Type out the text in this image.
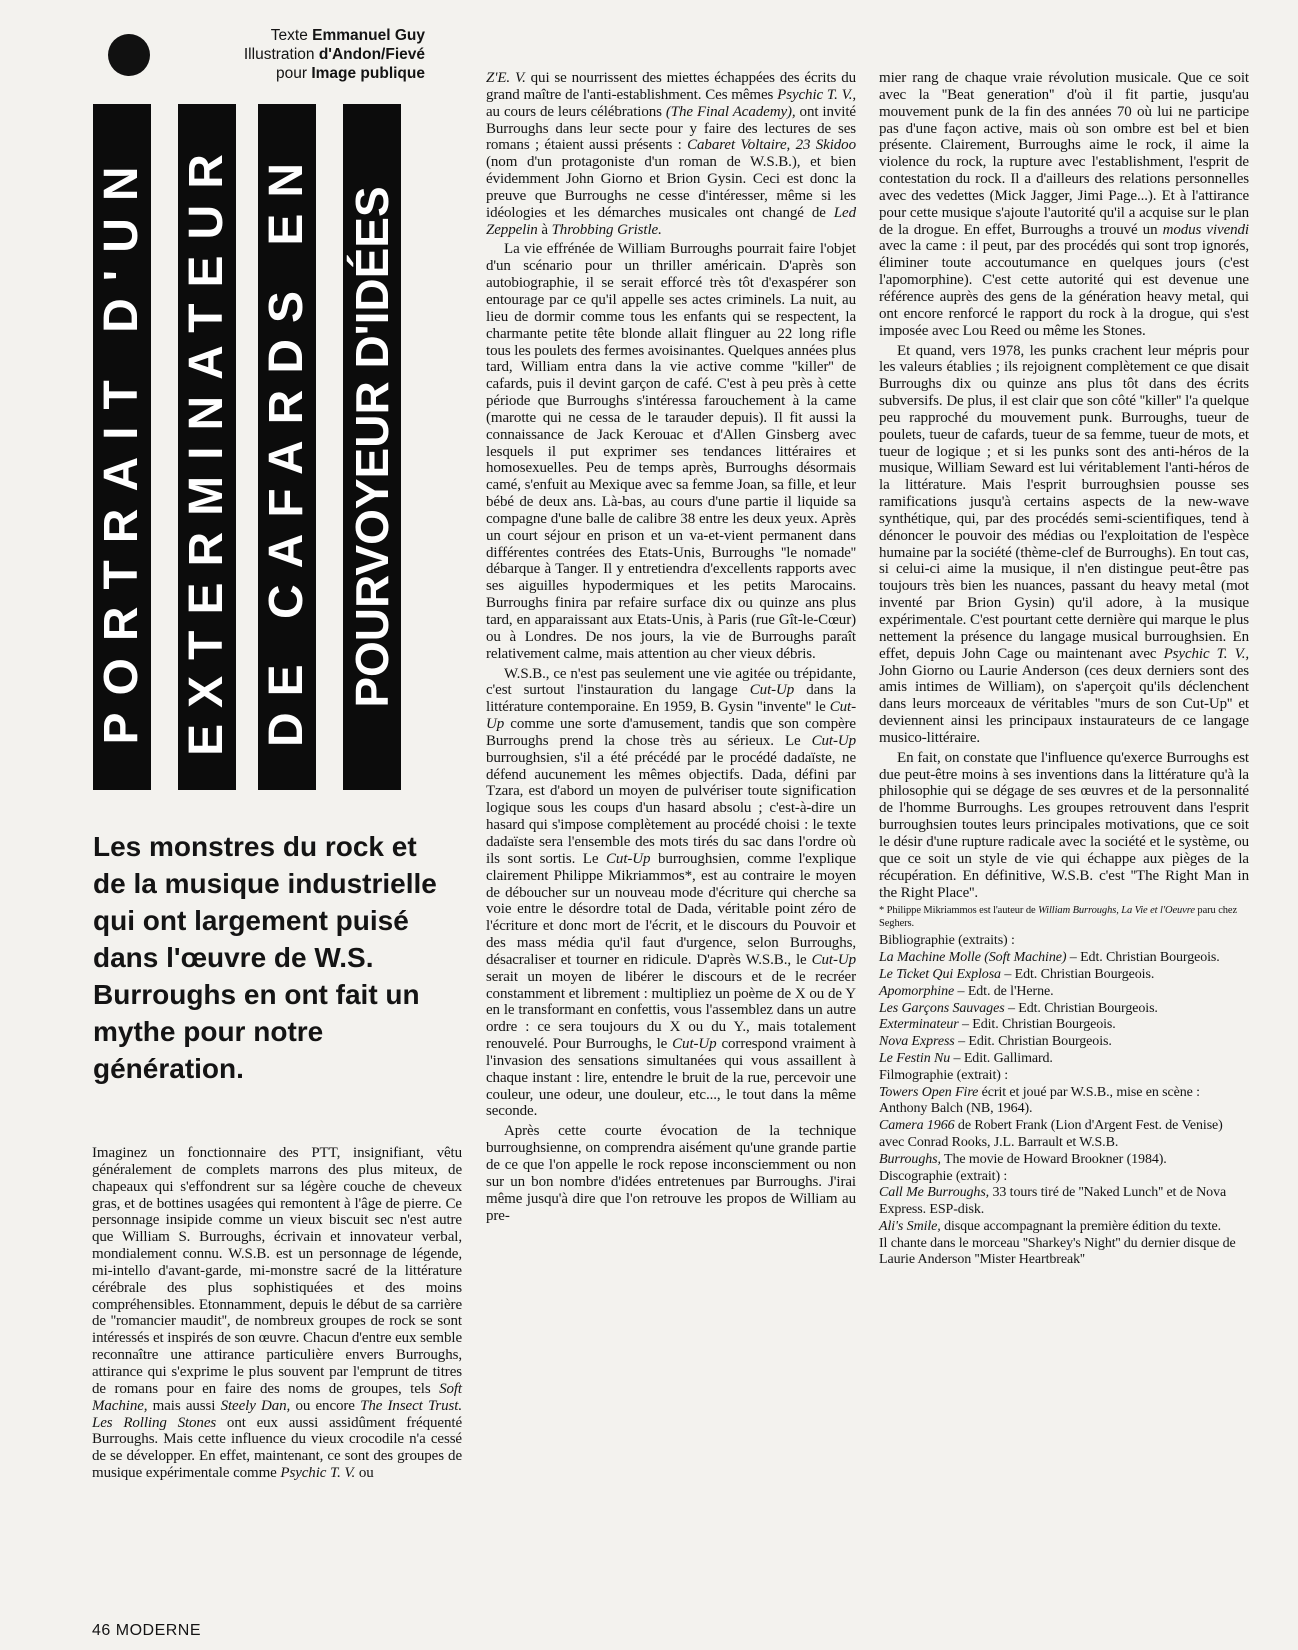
Texte Emmanuel Guy
Illustration d'Andon/Fievé
pour Image publique
PORTRAIT D'UN EXTERMINATEUR DE CAFARDS EN POURVOYEUR D'IDÉES

Les monstres du rock et de la musique industrielle qui ont largement puisé dans l'œuvre de W.S. Burroughs en ont fait un mythe pour notre génération.

Imaginez un fonctionnaire des PTT, insignifiant, vêtu généralement de complets marrons des plus miteux, de chapeaux qui s'effondrent sur sa légère couche de cheveux gras, et de bottines usagées qui remontent à l'âge de pierre. Ce personnage insipide comme un vieux biscuit sec n'est autre que William S. Burroughs, écrivain et innovateur verbal, mondialement connu. W.S.B. est un personnage de légende, mi-intello d'avant-garde, mi-monstre sacré de la littérature cérébrale des plus sophistiquées et des moins compréhensibles. Etonnamment, depuis le début de sa carrière de ''romancier maudit'', de nombreux groupes de rock se sont intéressés et inspirés de son œuvre. Chacun d'entre eux semble reconnaître une attirance particulière envers Burroughs, attirance qui s'exprime le plus souvent par l'emprunt de titres de romans pour en faire des noms de groupes, tels Soft Machine, mais aussi Steely Dan, ou encore The Insect Trust. Les Rolling Stones ont eux aussi assidûment fréquenté Burroughs. Mais cette influence du vieux crocodile n'a cessé de se développer. En effet, maintenant, ce sont des groupes de musique expérimentale comme Psychic T. V. ou

Z'E. V. qui se nourrissent des miettes échappées des écrits du grand maître de l'anti-establishment. Ces mêmes Psychic T. V., au cours de leurs célébrations (The Final Academy), ont invité Burroughs dans leur secte pour y faire des lectures de ses romans ; étaient aussi présents : Cabaret Voltaire, 23 Skidoo (nom d'un protagoniste d'un roman de W.S.B.), et bien évidemment John Giorno et Brion Gysin. Ceci est donc la preuve que Burroughs ne cesse d'intéresser, même si les idéologies et les démarches musicales ont changé de Led Zeppelin à Throbbing Gristle.

La vie effrénée de William Burroughs pourrait faire l'objet d'un scénario pour un thriller américain. D'après son autobiographie, il se serait efforcé très tôt d'exaspérer son entourage par ce qu'il appelle ses actes criminels. La nuit, au lieu de dormir comme tous les enfants qui se respectent, la charmante petite tête blonde allait flinguer au 22 long rifle tous les poulets des fermes avoisinantes. Quelques années plus tard, William entra dans la vie active comme ''killer'' de cafards, puis il devint garçon de café. C'est à peu près à cette période que Burroughs s'intéressa farouchement à la came (marotte qui ne cessa de le tarauder depuis). Il fit aussi la connaissance de Jack Kerouac et d'Allen Ginsberg avec lesquels il put exprimer ses tendances littéraires et homosexuelles. Peu de temps après, Burroughs désormais camé, s'enfuit au Mexique avec sa femme Joan, sa fille, et leur bébé de deux ans. Là-bas, au cours d'une partie il liquide sa compagne d'une balle de calibre 38 entre les deux yeux. Après un court séjour en prison et un va-et-vient permanent dans différentes contrées des Etats-Unis, Burroughs ''le nomade'' débarque à Tanger. Il y entretiendra d'excellents rapports avec ses aiguilles hypodermiques et les petits Marocains. Burroughs finira par refaire surface dix ou quinze ans plus tard, en apparaissant aux Etats-Unis, à Paris (rue Gît-le-Cœur) ou à Londres. De nos jours, la vie de Burroughs paraît relativement calme, mais attention au cher vieux débris.

W.S.B., ce n'est pas seulement une vie agitée ou trépidante, c'est surtout l'instauration du langage Cut-Up dans la littérature contemporaine. En 1959, B. Gysin ''invente'' le Cut-Up comme une sorte d'amusement, tandis que son compère Burroughs prend la chose très au sérieux. Le Cut-Up burroughsien, s'il a été précédé par le procédé dadaïste, ne défend aucunement les mêmes objectifs. Dada, défini par Tzara, est d'abord un moyen de pulvériser toute signification logique sous les coups d'un hasard absolu ; c'est-à-dire un hasard qui s'impose complètement au procédé choisi : le texte dadaïste sera l'ensemble des mots tirés du sac dans l'ordre où ils sont sortis. Le Cut-Up burroughsien, comme l'explique clairement Philippe Mikriammos*, est au contraire le moyen de déboucher sur un nouveau mode d'écriture qui cherche sa voie entre le désordre total de Dada, véritable point zéro de l'écriture et donc mort de l'écrit, et le discours du Pouvoir et des mass média qu'il faut d'urgence, selon Burroughs, désacraliser et tourner en ridicule. D'après W.S.B., le Cut-Up serait un moyen de libérer le discours et de le recréer constamment et librement : multipliez un poème de X ou de Y en le transformant en confettis, vous l'assemblez dans un autre ordre : ce sera toujours du X ou du Y., mais totalement renouvelé. Pour Burroughs, le Cut-Up correspond vraiment à l'invasion des sensations simultanées qui vous assaillent à chaque instant : lire, entendre le bruit de la rue, percevoir une couleur, une odeur, une douleur, etc..., le tout dans la même seconde.

Après cette courte évocation de la technique burroughsienne, on comprendra aisément qu'une grande partie de ce que l'on appelle le rock repose inconsciemment ou non sur un bon nombre d'idées entretenues par Burroughs. J'irai même jusqu'à dire que l'on retrouve les propos de William au pre-

mier rang de chaque vraie révolution musicale. Que ce soit avec la ''Beat generation'' d'où il fit partie, jusqu'au mouvement punk de la fin des années 70 où lui ne participe pas d'une façon active, mais où son ombre est bel et bien présente. Clairement, Burroughs aime le rock, il aime la violence du rock, la rupture avec l'establishment, l'esprit de contestation du rock. Il a d'ailleurs des relations personnelles avec des vedettes (Mick Jagger, Jimi Page...). Et à l'attirance pour cette musique s'ajoute l'autorité qu'il a acquise sur le plan de la drogue. En effet, Burroughs a trouvé un modus vivendi avec la came : il peut, par des procédés qui sont trop ignorés, éliminer toute accoutumance en quelques jours (c'est l'apomorphine). C'est cette autorité qui est devenue une référence auprès des gens de la génération heavy metal, qui ont encore renforcé le rapport du rock à la drogue, qui s'est imposée avec Lou Reed ou même les Stones.

Et quand, vers 1978, les punks crachent leur mépris pour les valeurs établies ; ils rejoignent complètement ce que disait Burroughs dix ou quinze ans plus tôt dans des écrits subversifs. De plus, il est clair que son côté ''killer'' l'a quelque peu rapproché du mouvement punk. Burroughs, tueur de poulets, tueur de cafards, tueur de sa femme, tueur de mots, et tueur de logique ; et si les punks sont des anti-héros de la musique, William Seward est lui véritablement l'anti-héros de la littérature. Mais l'esprit burroughsien pousse ses ramifications jusqu'à certains aspects de la new-wave synthétique, qui, par des procédés semi-scientifiques, tend à dénoncer le pouvoir des médias ou l'exploitation de l'espèce humaine par la société (thème-clef de Burroughs). En tout cas, si celui-ci aime la musique, il n'en distingue peut-être pas toujours très bien les nuances, passant du heavy metal (mot inventé par Brion Gysin) qu'il adore, à la musique expérimentale. C'est pourtant cette dernière qui marque le plus nettement la présence du langage musical burroughsien. En effet, depuis John Cage ou maintenant avec Psychic T. V., John Giorno ou Laurie Anderson (ces deux derniers sont des amis intimes de William), on s'aperçoit qu'ils déclenchent dans leurs morceaux de véritables ''murs de son Cut-Up'' et deviennent ainsi les principaux instaurateurs de ce langage musico-littéraire.

En fait, on constate que l'influence qu'exerce Burroughs est due peut-être moins à ses inventions dans la littérature qu'à la philosophie qui se dégage de ses œuvres et de la personnalité de l'homme Burroughs. Les groupes retrouvent dans l'esprit burroughsien toutes leurs principales motivations, que ce soit le désir d'une rupture radicale avec la société et le système, ou que ce soit un style de vie qui échappe aux pièges de la récupération. En définitive, W.S.B. c'est ''The Right Man in the Right Place''.

* Philippe Mikriammos est l'auteur de William Burroughs, La Vie et l'Oeuvre paru chez Seghers.

Bibliographie (extraits) :
La Machine Molle (Soft Machine) – Edt. Christian Bourgeois.
Le Ticket Qui Explosa – Edt. Christian Bourgeois.
Apomorphine – Edt. de l'Herne.
Les Garçons Sauvages – Edt. Christian Bourgeois.
Exterminateur – Edit. Christian Bourgeois.
Nova Express – Edit. Christian Bourgeois.
Le Festin Nu – Edit. Gallimard.
Filmographie (extrait) :
Towers Open Fire écrit et joué par W.S.B., mise en scène : Anthony Balch (NB, 1964).
Camera 1966 de Robert Frank (Lion d'Argent Fest. de Venise) avec Conrad Rooks, J.L. Barrault et W.S.B.
Burroughs, The movie de Howard Brookner (1984).
Discographie (extrait) :
Call Me Burroughs, 33 tours tiré de ''Naked Lunch'' et de Nova Express. ESP-disk.
Ali's Smile, disque accompagnant la première édition du texte.
Il chante dans le morceau ''Sharkey's Night'' du dernier disque de Laurie Anderson ''Mister Heartbreak''
46 MODERNE
